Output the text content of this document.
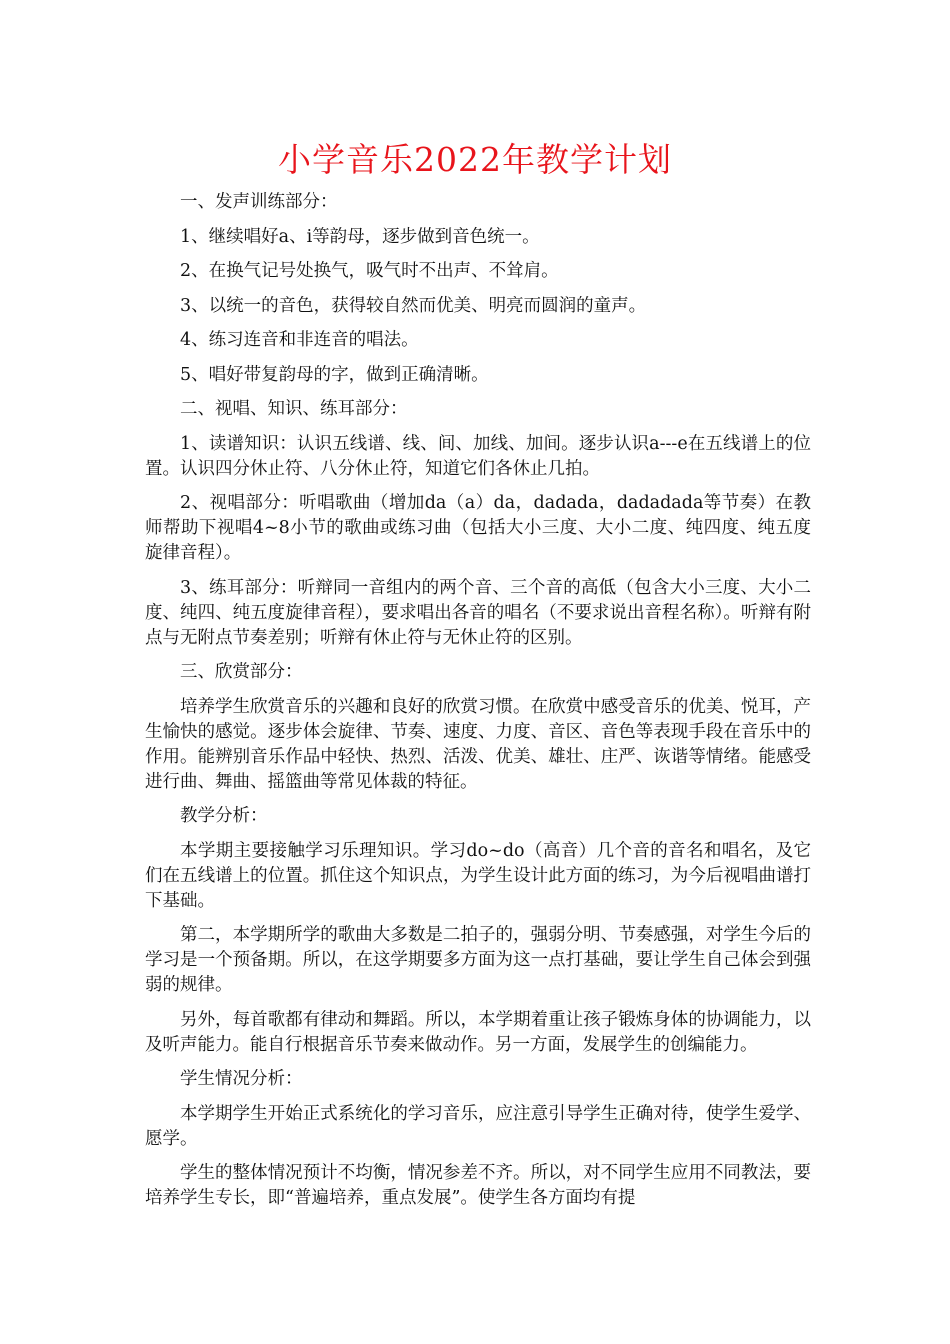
小学音乐2022年教学计划

一、发声训练部分：

1、继续唱好a、i等韵母，逐步做到音色统一。

2、在换气记号处换气，吸气时不出声、不耸肩。

3、以统一的音色，获得较自然而优美、明亮而圆润的童声。

4、练习连音和非连音的唱法。

5、唱好带复韵母的字，做到正确清晰。

二、视唱、知识、练耳部分：

1、读谱知识：认识五线谱、线、间、加线、加间。逐步认识a---e在五线谱上的位置。认识四分休止符、八分休止符，知道它们各休止几拍。

2、视唱部分：听唱歌曲（增加da（a）da，dadada，dadadada等节奏）在教师帮助下视唱4~8小节的歌曲或练习曲（包括大小三度、大小二度、纯四度、纯五度旋律音程）。

3、练耳部分：听辩同一音组内的两个音、三个音的高低（包含大小三度、大小二度、纯四、纯五度旋律音程），要求唱出各音的唱名（不要求说出音程名称）。听辩有附点与无附点节奏差别；听辩有休止符与无休止符的区别。

三、欣赏部分：

培养学生欣赏音乐的兴趣和良好的欣赏习惯。在欣赏中感受音乐的优美、悦耳，产生愉快的感觉。逐步体会旋律、节奏、速度、力度、音区、音色等表现手段在音乐中的作用。能辨别音乐作品中轻快、热烈、活泼、优美、雄壮、庄严、诙谐等情绪。能感受进行曲、舞曲、摇篮曲等常见体裁的特征。

教学分析：

本学期主要接触学习乐理知识。学习do~do（高音）几个音的音名和唱名，及它们在五线谱上的位置。抓住这个知识点，为学生设计此方面的练习，为今后视唱曲谱打下基础。

第二，本学期所学的歌曲大多数是二拍子的，强弱分明、节奏感强，对学生今后的学习是一个预备期。所以，在这学期要多方面为这一点打基础，要让学生自己体会到强弱的规律。

另外，每首歌都有律动和舞蹈。所以，本学期着重让孩子锻炼身体的协调能力，以及听声能力。能自行根据音乐节奏来做动作。另一方面，发展学生的创编能力。

学生情况分析：

本学期学生开始正式系统化的学习音乐，应注意引导学生正确对待，使学生爱学、愿学。

学生的整体情况预计不均衡，情况参差不齐。所以，对不同学生应用不同教法，要培养学生专长，即“普遍培养，重点发展”。使学生各方面均有提
